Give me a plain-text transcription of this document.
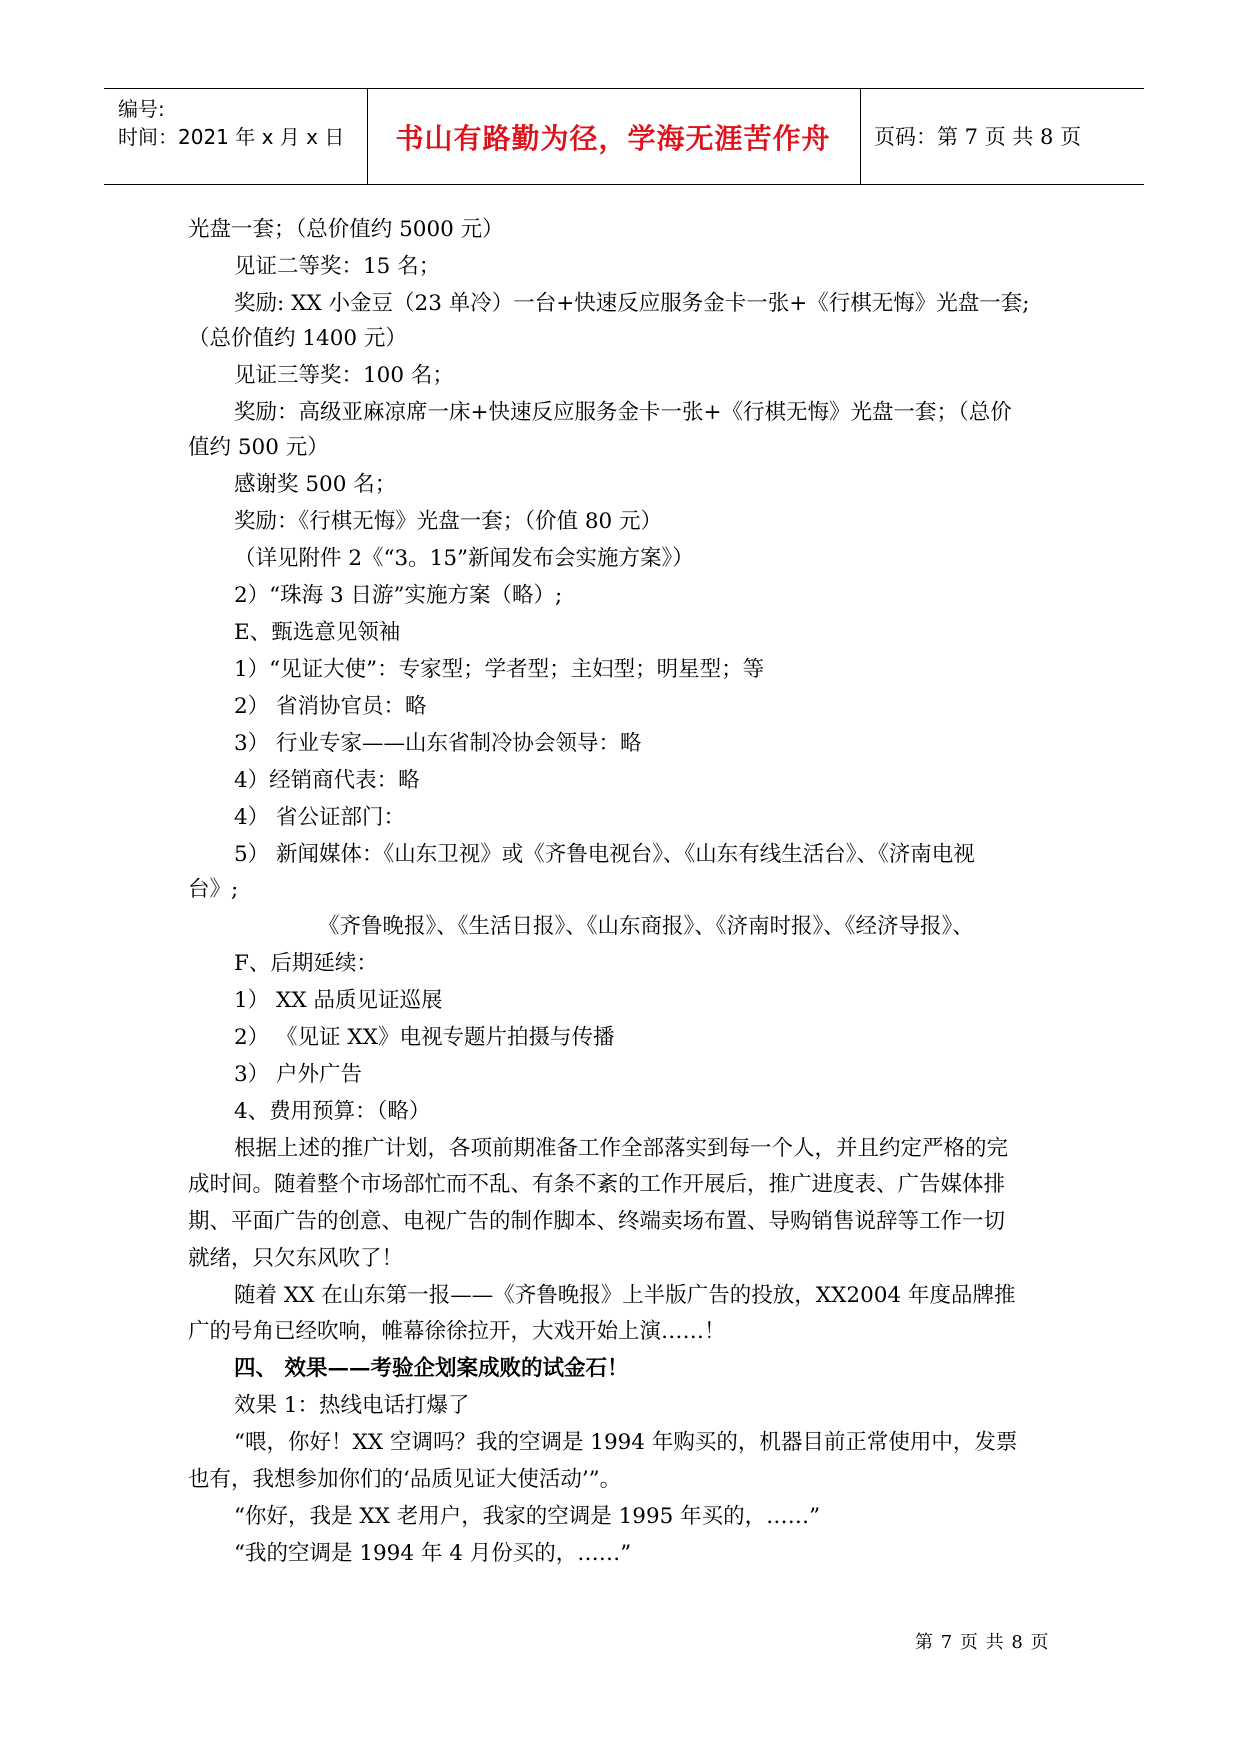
编号:
时间：2021 年 x 月 x 日	书山有路勤为径，学海无涯苦作舟	页码：第 7 页 共 8 页
光盘一套；（总价值约 5000 元）
见证二等奖：15 名；
奖励: XX 小金豆（23 单冷）一台+快速反应服务金卡一张+《行棋无悔》光盘一套;
（总价值约 1400 元）
见证三等奖：100 名；
奖励：高级亚麻凉席一床+快速反应服务金卡一张+《行棋无悔》光盘一套；（总价
值约 500 元）
感谢奖 500 名；
奖励：《行棋无悔》光盘一套；（价值 80 元）
（详见附件 2《“3。15”新闻发布会实施方案》）
2）“珠海 3 日游”实施方案（略）;
E、甄选意见领袖
1）“见证大使”：专家型；学者型；主妇型；明星型；等
2） 省消协官员：略
3） 行业专家——山东省制冷协会领导：略
4）经销商代表：略
4） 省公证部门：
5） 新闻媒体：《山东卫视》或《齐鲁电视台》、《山东有线生活台》、《济南电视
台》;
《齐鲁晚报》、《生活日报》、《山东商报》、《济南时报》、《经济导报》、
F、后期延续：
1） XX 品质见证巡展
2） 《见证 XX》电视专题片拍摄与传播
3） 户外广告
4、费用预算：（略）
根据上述的推广计划，各项前期准备工作全部落实到每一个人，并且约定严格的完
成时间。随着整个市场部忙而不乱、有条不紊的工作开展后，推广进度表、广告媒体排
期、平面广告的创意、电视广告的制作脚本、终端卖场布置、导购销售说辞等工作一切
就绪，只欠东风吹了！
随着 XX 在山东第一报——《齐鲁晚报》上半版广告的投放，XX2004 年度品牌推
广的号角已经吹响，帷幕徐徐拉开，大戏开始上演……！
四、 效果——考验企划案成败的试金石！
效果 1：热线电话打爆了
“喂，你好！XX 空调吗？我的空调是 1994 年购买的，机器目前正常使用中，发票
也有，我想参加你们的‘品质见证大使活动’”。
“你好，我是 XX 老用户，我家的空调是 1995 年买的，……”
“我的空调是 1994 年 4 月份买的，……”
第 7 页 共 8 页
